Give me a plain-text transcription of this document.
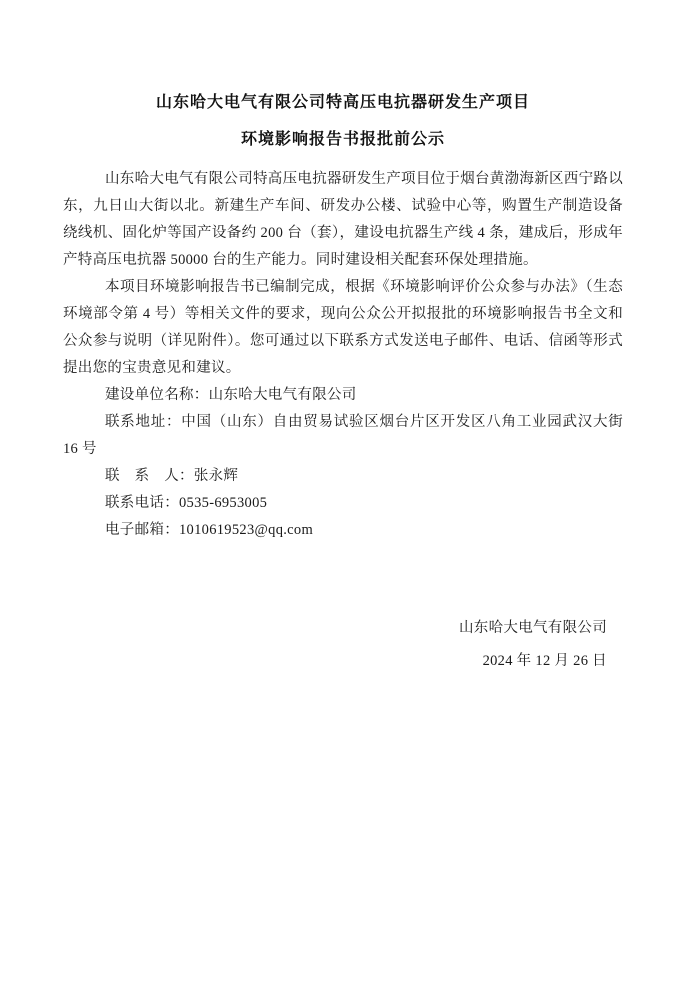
山东哈大电气有限公司特高压电抗器研发生产项目
环境影响报告书报批前公示

山东哈大电气有限公司特高压电抗器研发生产项目位于烟台黄渤海新区西宁路以东，九日山大街以北。新建生产车间、研发办公楼、试验中心等，购置生产制造设备绕线机、固化炉等国产设备约 200 台（套），建设电抗器生产线 4 条，建成后，形成年产特高压电抗器 50000 台的生产能力。同时建设相关配套环保处理措施。

本项目环境影响报告书已编制完成，根据《环境影响评价公众参与办法》（生态环境部令第 4 号）等相关文件的要求，现向公众公开拟报批的环境影响报告书全文和公众参与说明（详见附件）。您可通过以下联系方式发送电子邮件、电话、信函等形式提出您的宝贵意见和建议。

建设单位名称：山东哈大电气有限公司

联系地址：中国（山东）自由贸易试验区烟台片区开发区八角工业园武汉大街 16 号

联　系　人：张永辉

联系电话：0535-6953005

电子邮箱：1010619523@qq.com

山东哈大电气有限公司

2024 年 12 月 26 日
